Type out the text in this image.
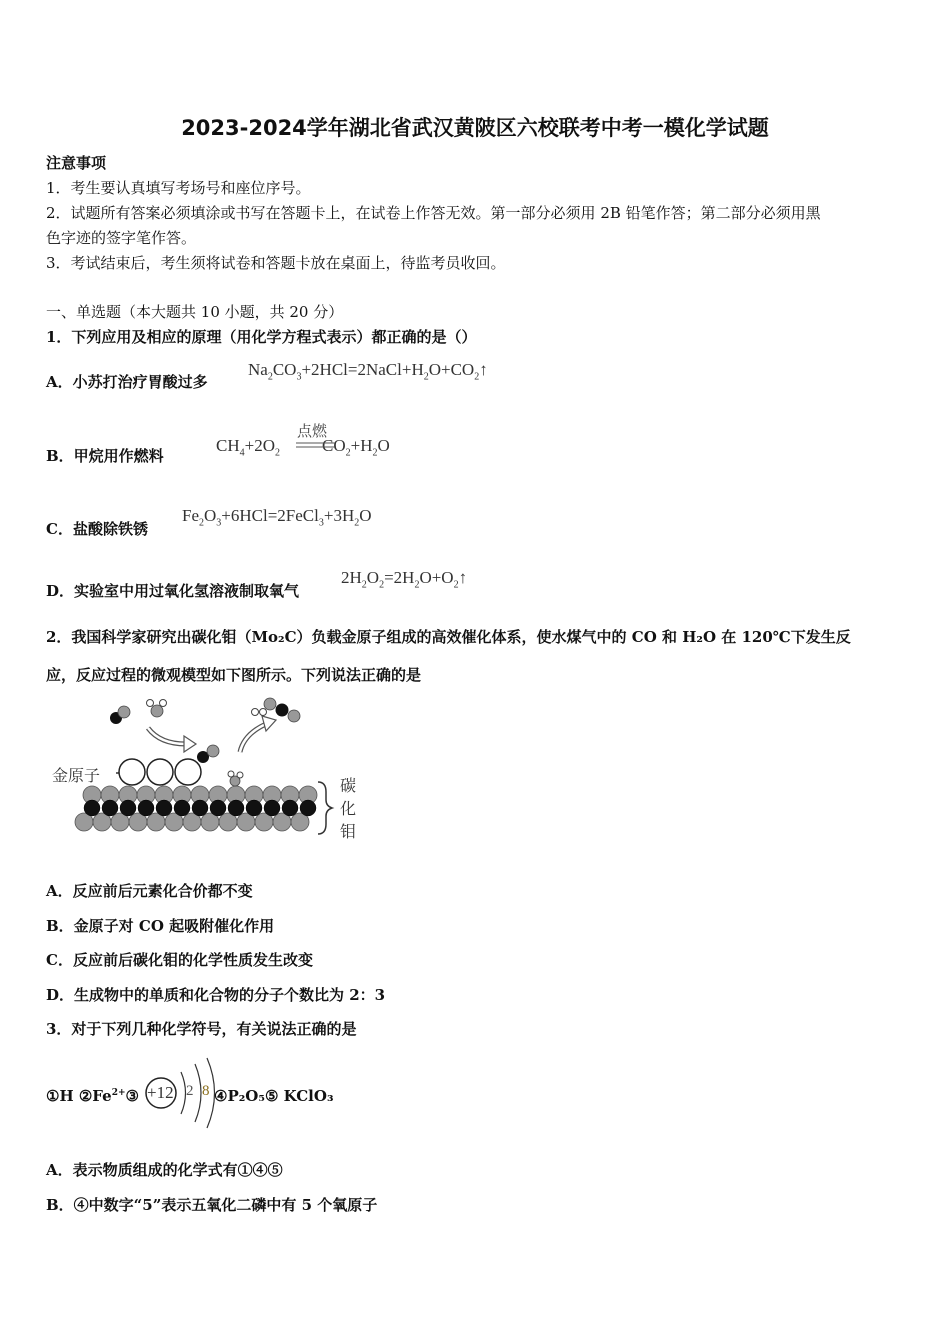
2023-2024学年湖北省武汉黄陂区六校联考中考一模化学试题
注意事项
1．考生要认真填写考场号和座位序号。
2．试题所有答案必须填涂或书写在答题卡上，在试卷上作答无效。第一部分必须用 2B 铅笔作答；第二部分必须用黑
色字迹的签字笔作答。
3．考试结束后，考生须将试卷和答题卡放在桌面上，待监考员收回。
一、单选题（本大题共 10 小题，共 20 分）
1．下列应用及相应的原理（用化学方程式表示）都正确的是（）
A．小苏打治疗胃酸过多
$Na_2CO_3+2HCl=2NaCl+H_2O+CO_2↑$
B．甲烷用作燃料
$CH_4+2O_2$ $CO_2+H_2O$
点燃
C．盐酸除铁锈
$Fe_2O_3+6HCl=2FeCl_3+3H_2O$
D．实验室中用过氧化氢溶液制取氧气
$2H_2O_2=2H_2O+O_2↑$
2．我国科学家研究出碳化钼（Mo₂C）负载金原子组成的高效催化体系，使水煤气中的 CO 和 H₂O 在 120℃下发生反
应，反应过程的微观模型如下图所示。下列说法正确的是
金原子
碳
化
钼
A．反应前后元素化合价都不变
B．金原子对 CO 起吸附催化作用
C．反应前后碳化钼的化学性质发生改变
D．生成物中的单质和化合物的分子个数比为 2：3
3．对于下列几种化学符号，有关说法正确的是
①H $②Fe^{2+}③ +12$ 2 8 ④P₂O₅⑤ KClO₃
A．表示物质组成的化学式有①④⑤
B．④中数字“5”表示五氧化二磷中有 5 个氧原子
